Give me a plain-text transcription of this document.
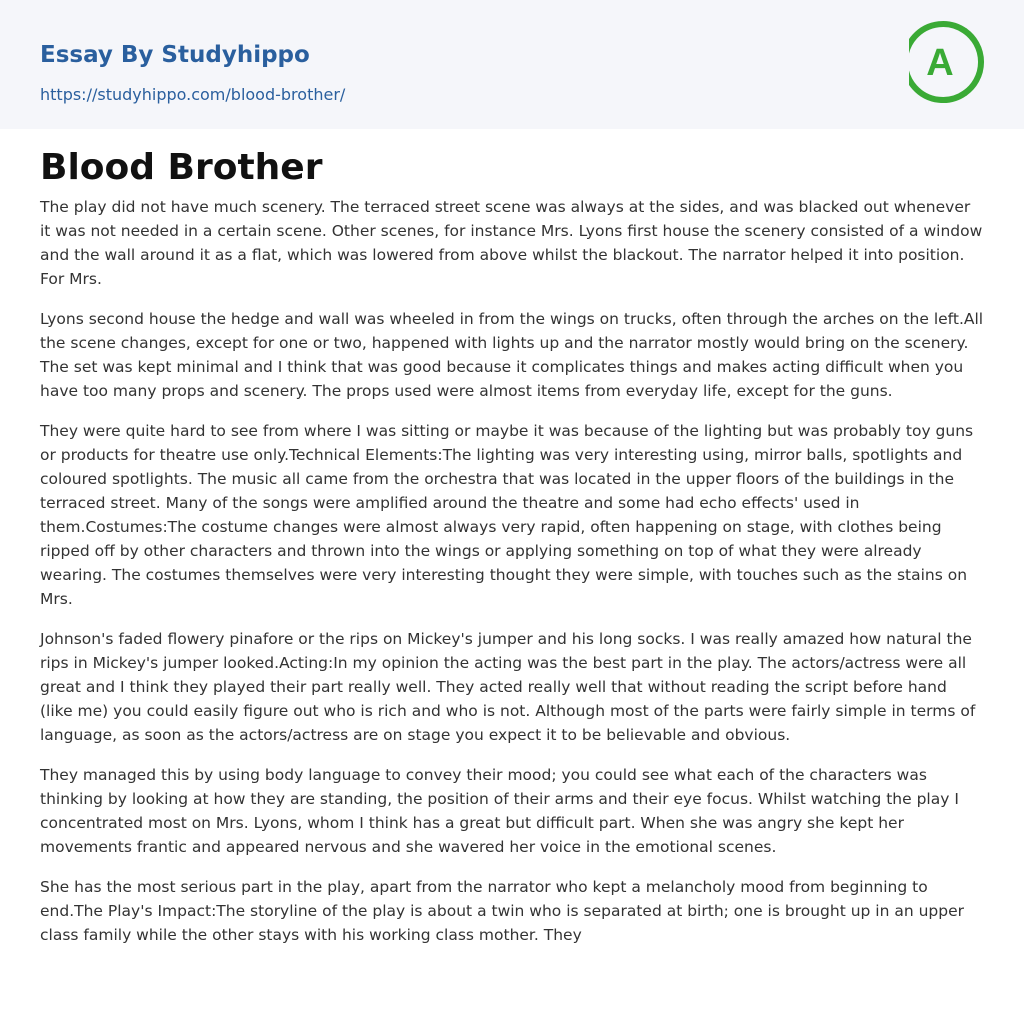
Essay By Studyhippo
https://studyhippo.com/blood-brother/
A
Blood Brother

The play did not have much scenery. The terraced street scene was always at the sides, and was blacked out whenever it was not needed in a certain scene. Other scenes, for instance Mrs. Lyons first house the scenery consisted of a window and the wall around it as a flat, which was lowered from above whilst the blackout. The narrator helped it into position. For Mrs.

Lyons second house the hedge and wall was wheeled in from the wings on trucks, often through the arches on the left.All the scene changes, except for one or two, happened with lights up and the narrator mostly would bring on the scenery. The set was kept minimal and I think that was good because it complicates things and makes acting difficult when you have too many props and scenery. The props used were almost items from everyday life, except for the guns.

They were quite hard to see from where I was sitting or maybe it was because of the lighting but was probably toy guns or products for theatre use only.Technical Elements:The lighting was very interesting using, mirror balls, spotlights and coloured spotlights. The music all came from the orchestra that was located in the upper floors of the buildings in the terraced street. Many of the songs were amplified around the theatre and some had echo effects' used in them.Costumes:The costume changes were almost always very rapid, often happening on stage, with clothes being ripped off by other characters and thrown into the wings or applying something on top of what they were already wearing. The costumes themselves were very interesting thought they were simple, with touches such as the stains on Mrs.

Johnson's faded flowery pinafore or the rips on Mickey's jumper and his long socks. I was really amazed how natural the rips in Mickey's jumper looked.Acting:In my opinion the acting was the best part in the play. The actors/actress were all great and I think they played their part really well. They acted really well that without reading the script before hand (like me) you could easily figure out who is rich and who is not. Although most of the parts were fairly simple in terms of language, as soon as the actors/actress are on stage you expect it to be believable and obvious.

They managed this by using body language to convey their mood; you could see what each of the characters was thinking by looking at how they are standing, the position of their arms and their eye focus. Whilst watching the play I concentrated most on Mrs. Lyons, whom I think has a great but difficult part. When she was angry she kept her movements frantic and appeared nervous and she wavered her voice in the emotional scenes.

She has the most serious part in the play, apart from the narrator who kept a melancholy mood from beginning to end.The Play's Impact:The storyline of the play is about a twin who is separated at birth; one is brought up in an upper class family while the other stays with his working class mother. They
